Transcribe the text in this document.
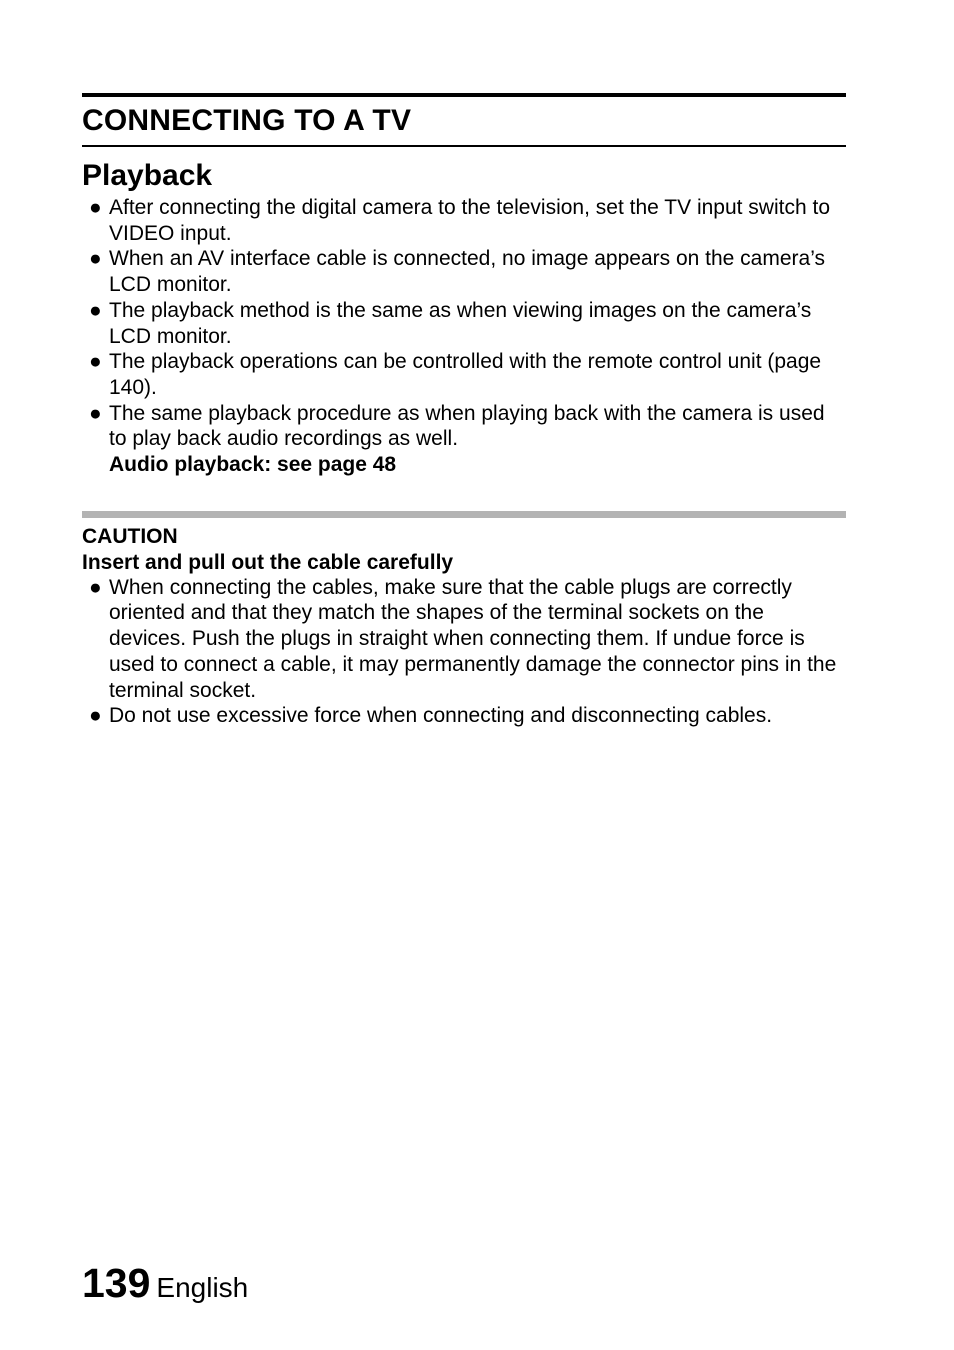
CONNECTING TO A TV
Playback
● After connecting the digital camera to the television, set the TV input switch to VIDEO input.
● When an AV interface cable is connected, no image appears on the camera’s LCD monitor.
● The playback method is the same as when viewing images on the camera’s LCD monitor.
● The playback operations can be controlled with the remote control unit (page 140).
● The same playback procedure as when playing back with the camera is used to play back audio recordings as well.
Audio playback: see page 48
CAUTION
Insert and pull out the cable carefully
● When connecting the cables, make sure that the cable plugs are correctly oriented and that they match the shapes of the terminal sockets on the devices. Push the plugs in straight when connecting them. If undue force is used to connect a cable, it may permanently damage the connector pins in the terminal socket.
● Do not use excessive force when connecting and disconnecting cables.
139 English
